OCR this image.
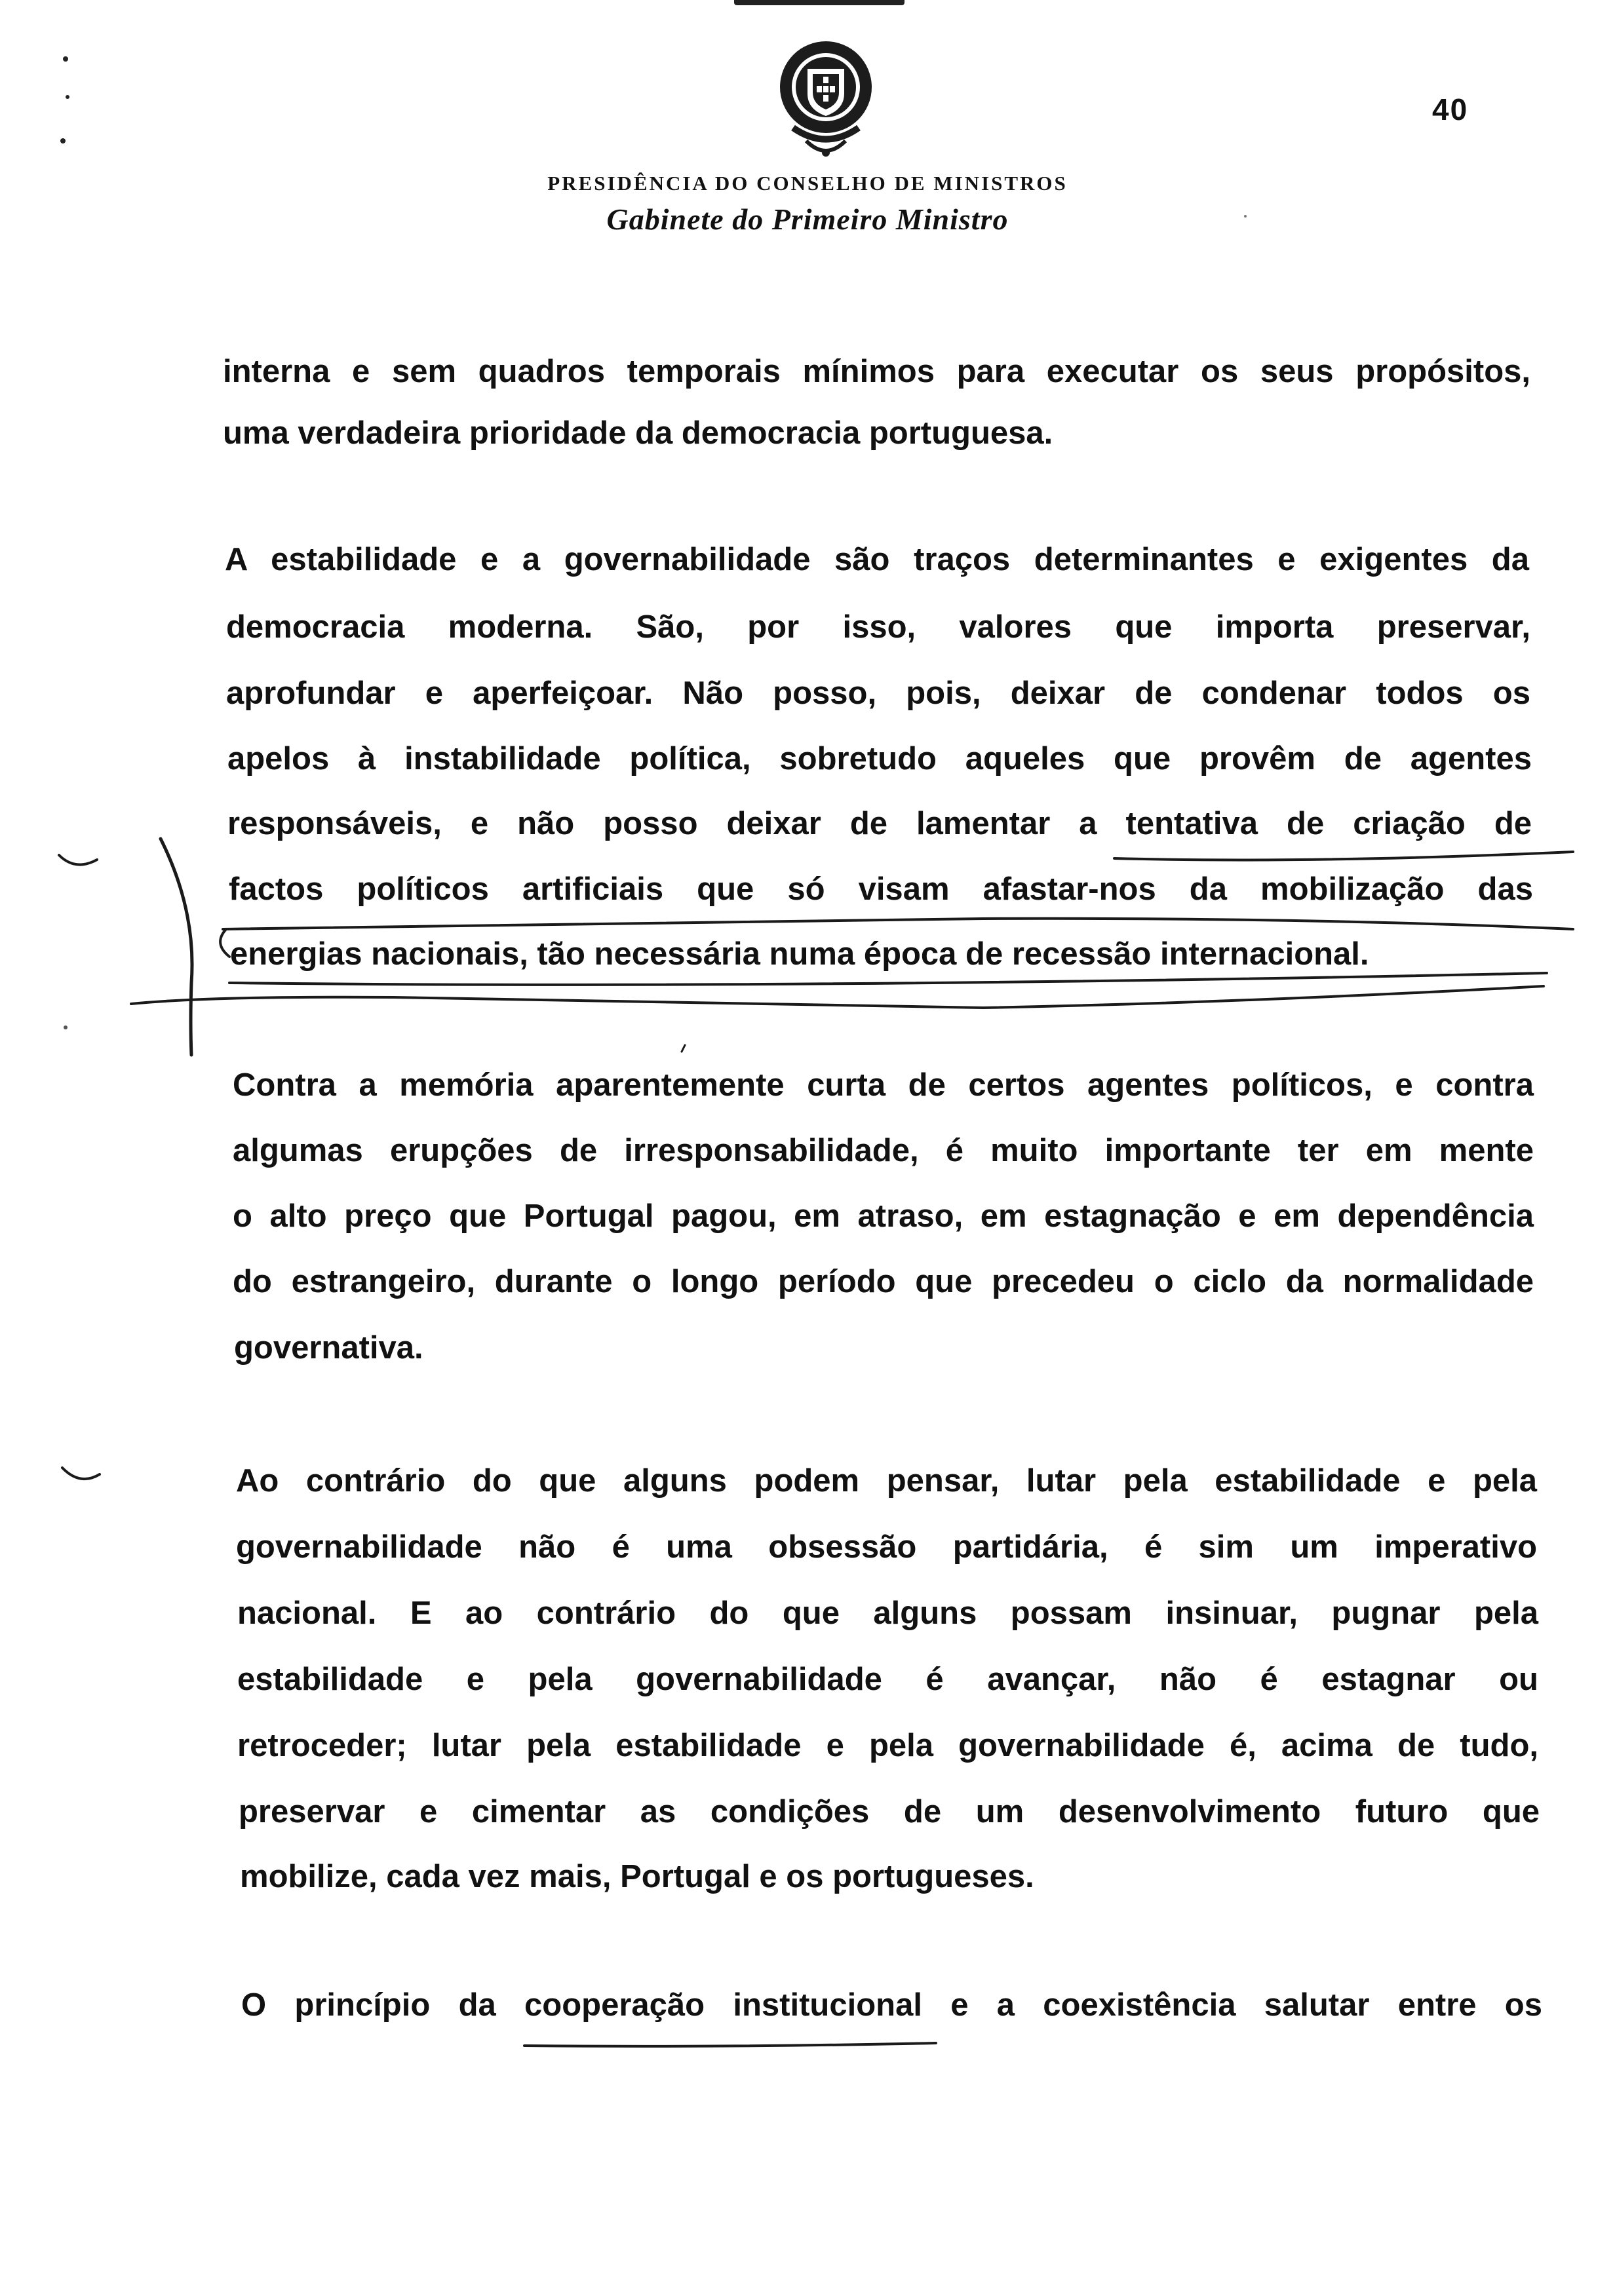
40
PRESIDÊNCIA DO CONSELHO DE MINISTROS
Gabinete do Primeiro Ministro
interna e sem quadros temporais mínimos para executar os seus propósitos,
uma verdadeira prioridade da democracia portuguesa.
A estabilidade e a governabilidade são traços determinantes e exigentes da
democracia moderna. São, por isso, valores que importa preservar,
aprofundar e aperfeiçoar. Não posso, pois, deixar de condenar todos os
apelos à instabilidade política, sobretudo aqueles que provêm de agentes
responsáveis, e não posso deixar de lamentar a tentativa de criação de
factos políticos artificiais que só visam afastar-nos da mobilização das
energias nacionais, tão necessária numa época de recessão internacional.
Contra a memória aparentemente curta de certos agentes políticos, e contra
algumas erupções de irresponsabilidade, é muito importante ter em mente
o alto preço que Portugal pagou, em atraso, em estagnação e em dependência
do estrangeiro, durante o longo período que precedeu o ciclo da normalidade
governativa.
Ao contrário do que alguns podem pensar, lutar pela estabilidade e pela
governabilidade não é uma obsessão partidária, é sim um imperativo
nacional. E ao contrário do que alguns possam insinuar, pugnar pela
estabilidade e pela governabilidade é avançar, não é estagnar ou
retroceder; lutar pela estabilidade e pela governabilidade é, acima de tudo,
preservar e cimentar as condições de um desenvolvimento futuro que
mobilize, cada vez mais, Portugal e os portugueses.
O princípio da cooperação institucional e a coexistência salutar entre os
